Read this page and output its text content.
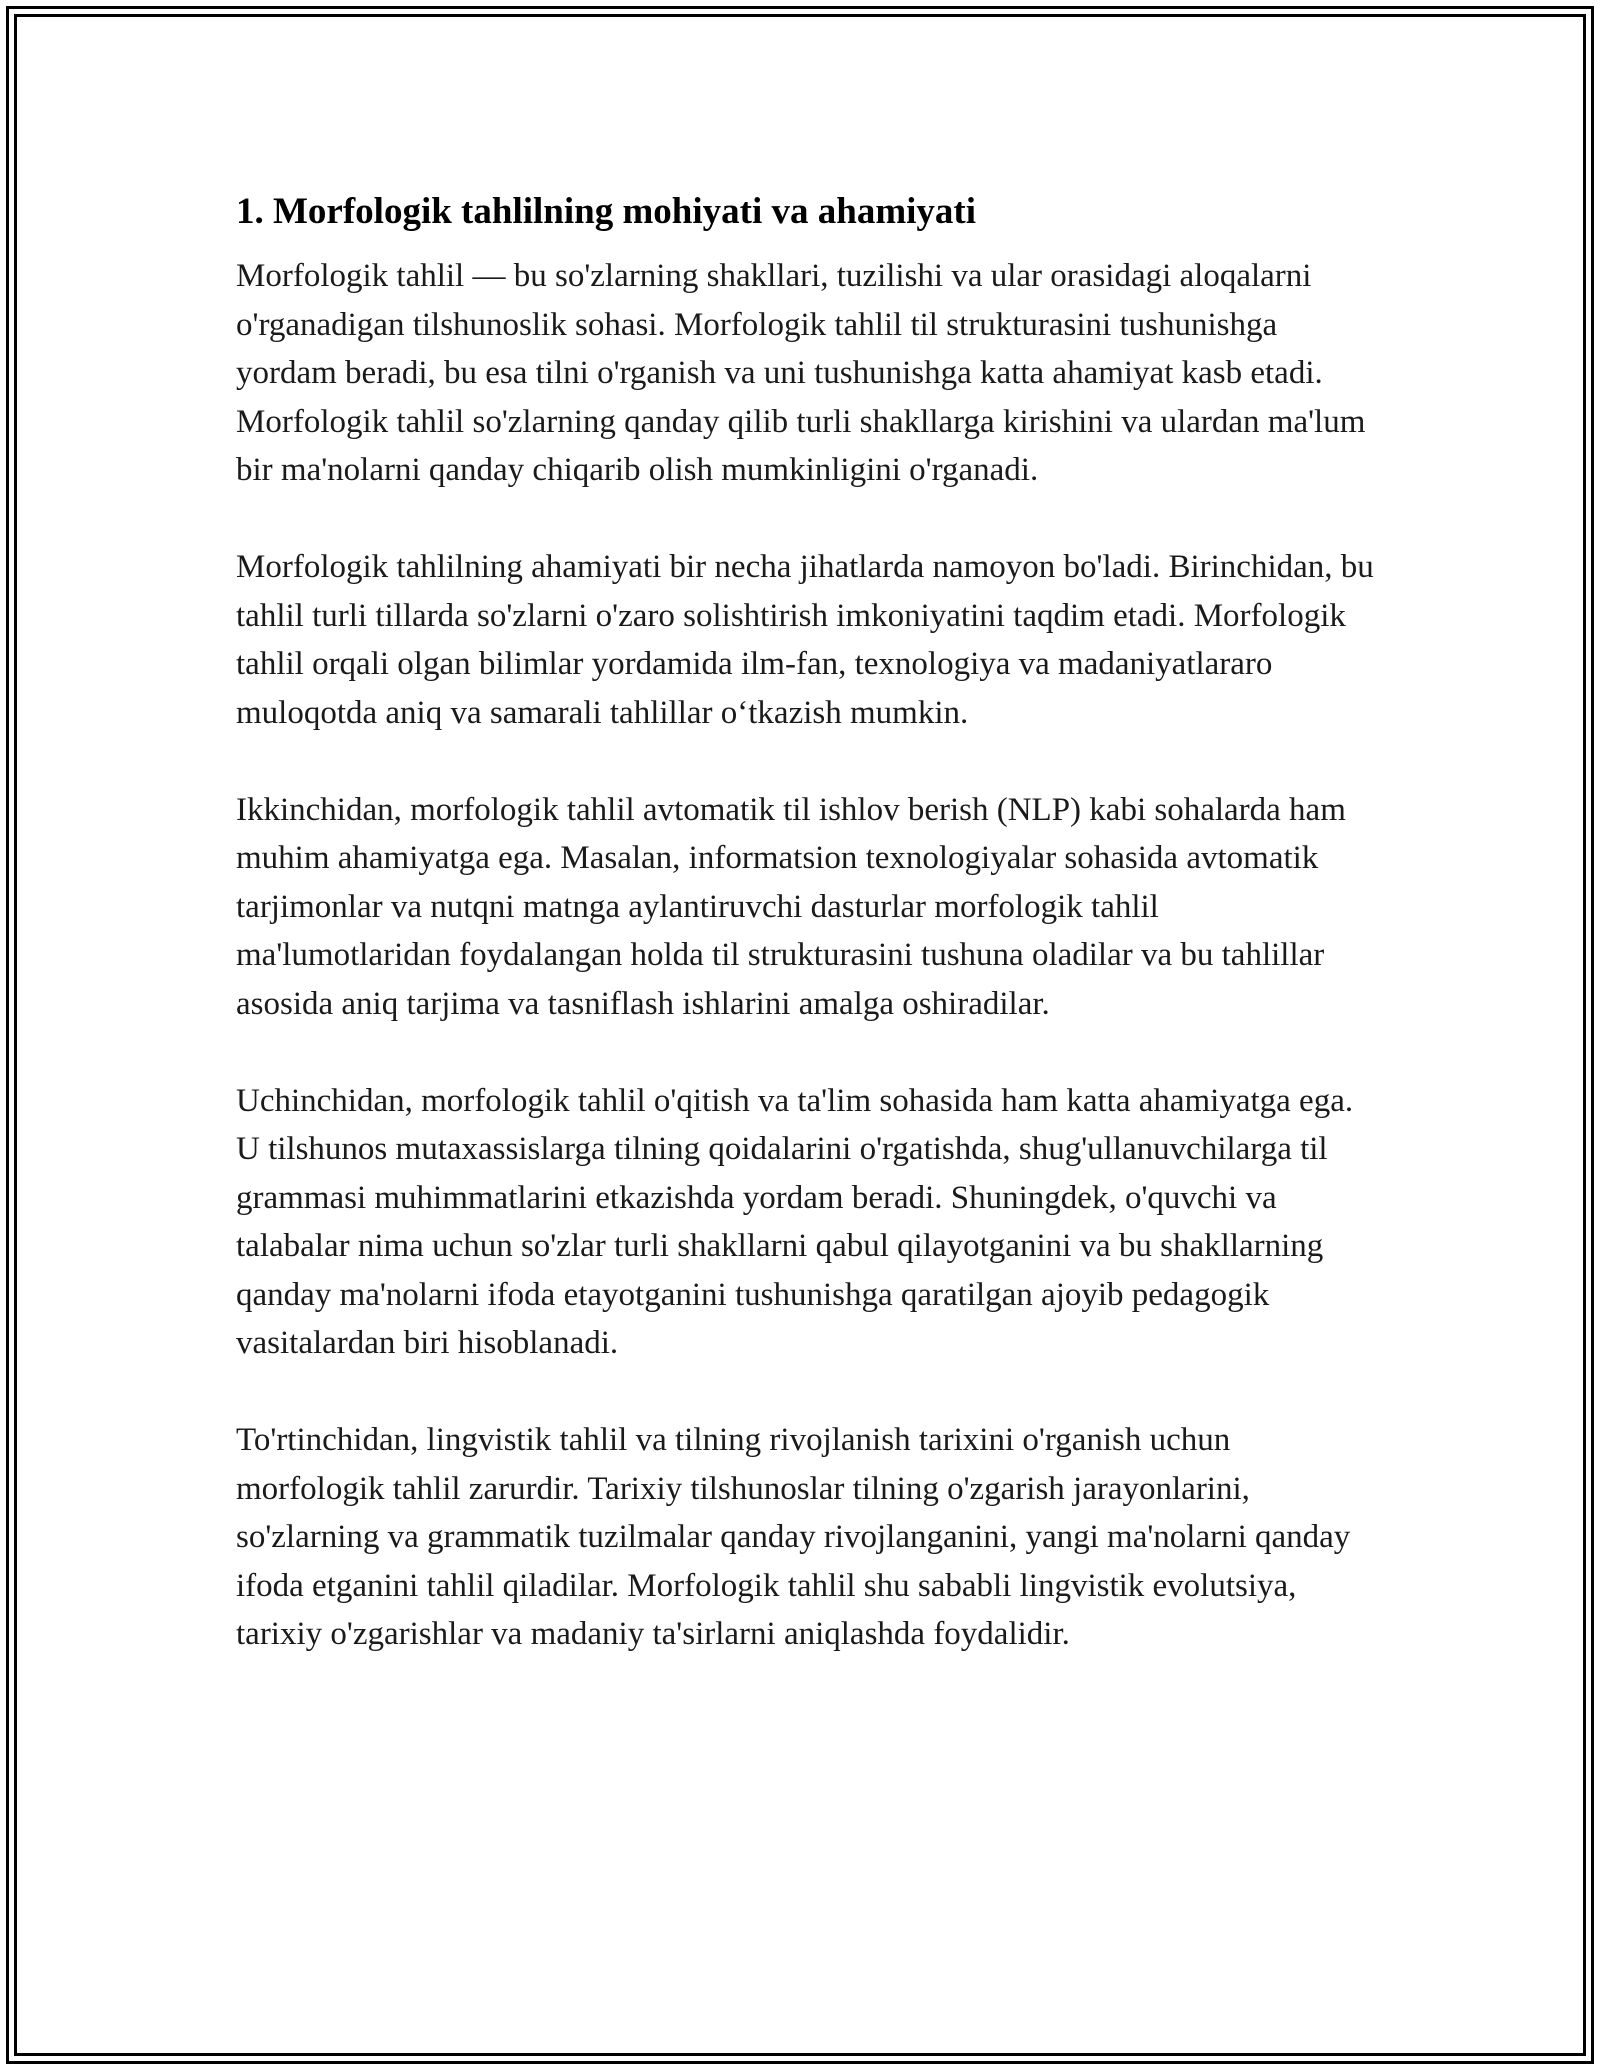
1. Morfologik tahlilning mohiyati va ahamiyati

Morfologik tahlil — bu so'zlarning shakllari, tuzilishi va ular orasidagi aloqalarni o'rganadigan tilshunoslik sohasi. Morfologik tahlil til strukturasini tushunishga yordam beradi, bu esa tilni o'rganish va uni tushunishga katta ahamiyat kasb etadi. Morfologik tahlil so'zlarning qanday qilib turli shakllarga kirishini va ulardan ma'lum bir ma'nolarni qanday chiqarib olish mumkinligini o'rganadi.

Morfologik tahlilning ahamiyati bir necha jihatlarda namoyon bo'ladi. Birinchidan, bu tahlil turli tillarda so'zlarni o'zaro solishtirish imkoniyatini taqdim etadi. Morfologik tahlil orqali olgan bilimlar yordamida ilm-fan, texnologiya va madaniyatlararo muloqotda aniq va samarali tahlillar o‘tkazish mumkin.

Ikkinchidan, morfologik tahlil avtomatik til ishlov berish (NLP) kabi sohalarda ham muhim ahamiyatga ega. Masalan, informatsion texnologiyalar sohasida avtomatik tarjimonlar va nutqni matnga aylantiruvchi dasturlar morfologik tahlil ma'lumotlaridan foydalangan holda til strukturasini tushuna oladilar va bu tahlillar asosida aniq tarjima va tasniflash ishlarini amalga oshiradilar.

Uchinchidan, morfologik tahlil o'qitish va ta'lim sohasida ham katta ahamiyatga ega. U tilshunos mutaxassislarga tilning qoidalarini o'rgatishda, shug'ullanuvchilarga til grammasi muhimmatlarini etkazishda yordam beradi. Shuningdek, o'quvchi va talabalar nima uchun so'zlar turli shakllarni qabul qilayotganini va bu shakllarning qanday ma'nolarni ifoda etayotganini tushunishga qaratilgan ajoyib pedagogik vasitalardan biri hisoblanadi.

To'rtinchidan, lingvistik tahlil va tilning rivojlanish tarixini o'rganish uchun morfologik tahlil zarurdir. Tarixiy tilshunoslar tilning o'zgarish jarayonlarini, so'zlarning va grammatik tuzilmalar qanday rivojlanganini, yangi ma'nolarni qanday ifoda etganini tahlil qiladilar. Morfologik tahlil shu sababli lingvistik evolutsiya, tarixiy o'zgarishlar va madaniy ta'sirlarni aniqlashda foydalidir.
